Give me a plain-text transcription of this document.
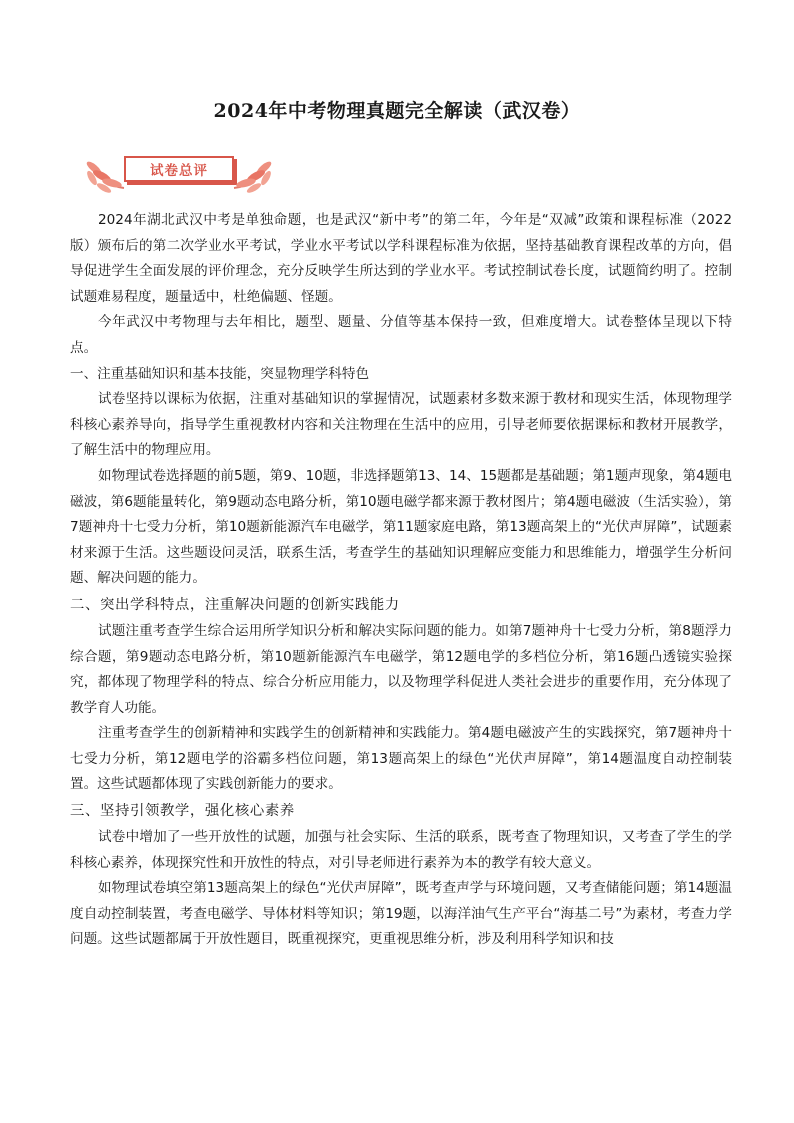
2024年中考物理真题完全解读（武汉卷）
试卷总评

2024年湖北武汉中考是单独命题，也是武汉“新中考”的第二年，今年是“双减”政策和课程标准（2022版）颁布后的第二次学业水平考试，学业水平考试以学科课程标准为依据，坚持基础教育课程改革的方向，倡导促进学生全面发展的评价理念，充分反映学生所达到的学业水平。考试控制试卷长度，试题简约明了。控制试题难易程度，题量适中，杜绝偏题、怪题。

今年武汉中考物理与去年相比，题型、题量、分值等基本保持一致，但难度增大。试卷整体呈现以下特点。

一、注重基础知识和基本技能，突显物理学科特色

试卷坚持以课标为依据，注重对基础知识的掌握情况，试题素材多数来源于教材和现实生活，体现物理学科核心素养导向，指导学生重视教材内容和关注物理在生活中的应用，引导老师要依据课标和教材开展教学，了解生活中的物理应用。

如物理试卷选择题的前5题，第9、10题，非选择题第13、14、15题都是基础题；第1题声现象，第4题电磁波，第6题能量转化，第9题动态电路分析，第10题电磁学都来源于教材图片；第4题电磁波（生活实验），第7题神舟十七受力分析，第10题新能源汽车电磁学，第11题家庭电路，第13题高架上的“光伏声屏障”，试题素材来源于生活。这些题设问灵活，联系生活，考查学生的基础知识理解应变能力和思维能力，增强学生分析问题、解决问题的能力。

二、突出学科特点，注重解决问题的创新实践能力

试题注重考查学生综合运用所学知识分析和解决实际问题的能力。如第7题神舟十七受力分析，第8题浮力综合题，第9题动态电路分析，第10题新能源汽车电磁学，第12题电学的多档位分析，第16题凸透镜实验探究，都体现了物理学科的特点、综合分析应用能力，以及物理学科促进人类社会进步的重要作用，充分体现了教学育人功能。

注重考查学生的创新精神和实践学生的创新精神和实践能力。第4题电磁波产生的实践探究，第7题神舟十七受力分析，第12题电学的浴霸多档位问题，第13题高架上的绿色“光伏声屏障”，第14题温度自动控制装置。这些试题都体现了实践创新能力的要求。

三、坚持引领教学，强化核心素养

试卷中增加了一些开放性的试题，加强与社会实际、生活的联系，既考查了物理知识，又考查了学生的学科核心素养，体现探究性和开放性的特点，对引导老师进行素养为本的教学有较大意义。

如物理试卷填空第13题高架上的绿色“光伏声屏障”，既考查声学与环境问题，又考查储能问题；第14题温度自动控制装置，考查电磁学、导体材料等知识；第19题，以海洋油气生产平台“海基二号”为素材，考查力学问题。这些试题都属于开放性题目，既重视探究，更重视思维分析，涉及利用科学知识和技
